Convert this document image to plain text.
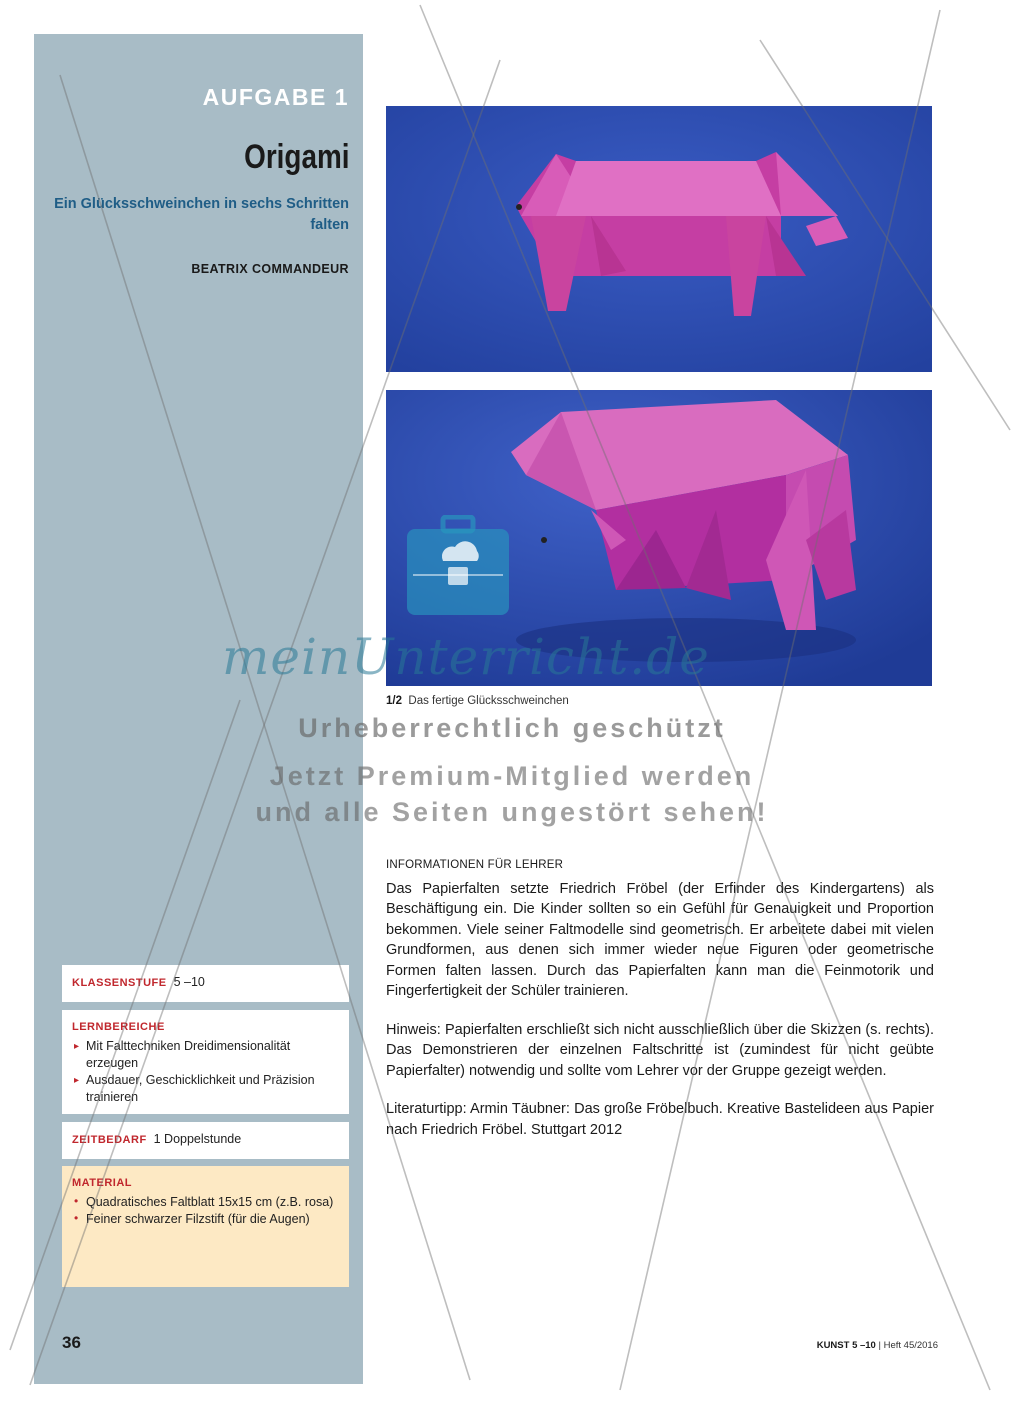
AUFGABE 1
Origami
Ein Glücksschweinchen in sechs Schritten falten
BEATRIX COMMANDEUR
KLASSENSTUFE 5 –10
LERNBEREICHE
▸ Mit Falttechniken Dreidimensionalität erzeugen
▸ Ausdauer, Geschicklichkeit und Präzision trainieren
ZEITBEDARF 1 Doppelstunde
MATERIAL
• Quadratisches Faltblatt 15x15 cm (z.B. rosa)
• Feiner schwarzer Filzstift (für die Augen)
36
1/2 Das fertige Glücksschweinchen
INFORMATIONEN FÜR LEHRER

Das Papierfalten setzte Friedrich Fröbel (der Erfinder des Kindergartens) als Beschäftigung ein. Die Kinder sollten so ein Gefühl für Genauigkeit und Proportion bekommen. Viele seiner Faltmodelle sind geometrisch. Er arbeitete dabei mit vielen Grundformen, aus denen sich immer wieder neue Figuren oder geometrische Formen falten lassen. Durch das Papierfalten kann man die Feinmotorik und Fingerfertigkeit der Schüler trainieren.

Hinweis: Papierfalten erschließt sich nicht ausschließlich über die Skizzen (s. rechts). Das Demonstrieren der einzelnen Faltschritte ist (zumindest für nicht geübte Papierfalter) notwendig und sollte vom Lehrer vor der Gruppe gezeigt werden.

Literaturtipp: Armin Täubner: Das große Fröbelbuch. Kreative Bastelideen aus Papier nach Friedrich Fröbel. Stuttgart 2012

KUNST 5 –10 | Heft 45/2016
meinUnterricht.de
Urheberrechtlich geschützt
Jetzt Premium-Mitglied werden
und alle Seiten ungestört sehen!
